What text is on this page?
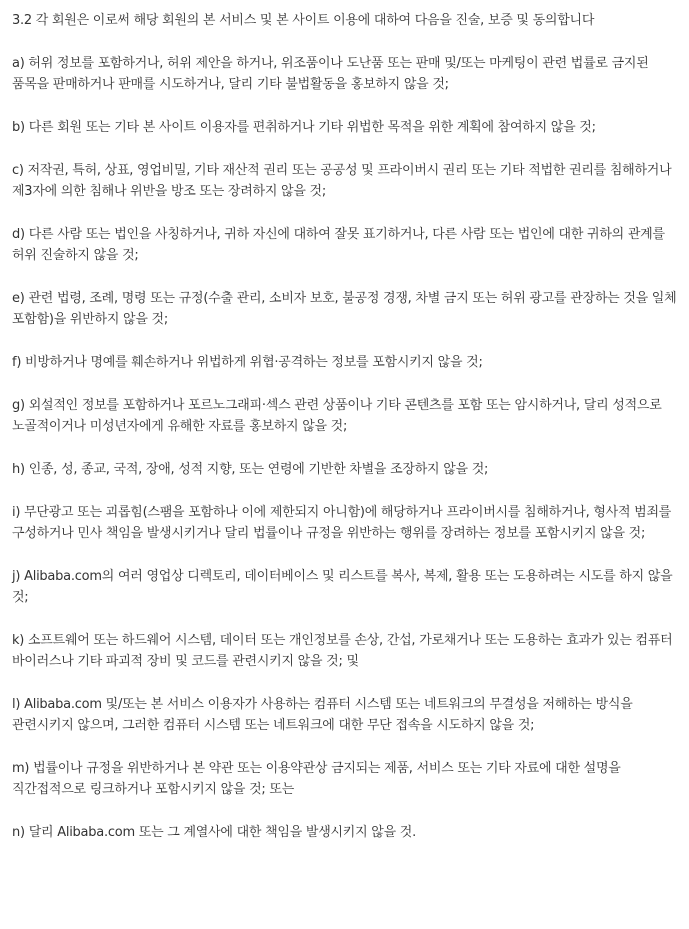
3.2 각 회원은 이로써 해당 회원의 본 서비스 및 본 사이트 이용에 대하여 다음을 진술, 보증 및 동의합니다

a) 허위 정보를 포함하거나, 허위 제안을 하거나, 위조품이나 도난품 또는 판매 및/또는 마케팅이 관련 법률로 금지된 품목을 판매하거나 판매를 시도하거나, 달리 기타 불법활동을 홍보하지 않을 것;

b) 다른 회원 또는 기타 본 사이트 이용자를 편취하거나 기타 위법한 목적을 위한 계획에 참여하지 않을 것;

c) 저작권, 특허, 상표, 영업비밀, 기타 재산적 권리 또는 공공성 및 프라이버시 권리 또는 기타 적법한 권리를 침해하거나 제3자에 의한 침해나 위반을 방조 또는 장려하지 않을 것;

d) 다른 사람 또는 법인을 사칭하거나, 귀하 자신에 대하여 잘못 표기하거나, 다른 사람 또는 법인에 대한 귀하의 관계를 허위 진술하지 않을 것;

e) 관련 법령, 조례, 명령 또는 규정(수출 관리, 소비자 보호, 불공정 경쟁, 차별 금지 또는 허위 광고를 관장하는 것을 일체 포함함)을 위반하지 않을 것;

f) 비방하거나 명예를 훼손하거나 위법하게 위협·공격하는 정보를 포함시키지 않을 것;

g) 외설적인 정보를 포함하거나 포르노그래피·섹스 관련 상품이나 기타 콘텐츠를 포함 또는 암시하거나, 달리 성적으로 노골적이거나 미성년자에게 유해한 자료를 홍보하지 않을 것;

h) 인종, 성, 종교, 국적, 장애, 성적 지향, 또는 연령에 기반한 차별을 조장하지 않을 것;

i) 무단광고 또는 괴롭힘(스팸을 포함하나 이에 제한되지 아니함)에 해당하거나 프라이버시를 침해하거나, 형사적 범죄를 구성하거나 민사 책임을 발생시키거나 달리 법률이나 규정을 위반하는 행위를 장려하는 정보를 포함시키지 않을 것;

j) Alibaba.com의 여러 영업상 디렉토리, 데이터베이스 및 리스트를 복사, 복제, 활용 또는 도용하려는 시도를 하지 않을 것;

k) 소프트웨어 또는 하드웨어 시스템, 데이터 또는 개인정보를 손상, 간섭, 가로채거나 또는 도용하는 효과가 있는 컴퓨터 바이러스나 기타 파괴적 장비 및 코드를 관련시키지 않을 것; 및

l) Alibaba.com 및/또는 본 서비스 이용자가 사용하는 컴퓨터 시스템 또는 네트워크의 무결성을 저해하는 방식을 관련시키지 않으며, 그러한 컴퓨터 시스템 또는 네트워크에 대한 무단 접속을 시도하지 않을 것;

m) 법률이나 규정을 위반하거나 본 약관 또는 이용약관상 금지되는 제품, 서비스 또는 기타 자료에 대한 설명을 직간접적으로 링크하거나 포함시키지 않을 것; 또는

n) 달리 Alibaba.com 또는 그 계열사에 대한 책임을 발생시키지 않을 것.
